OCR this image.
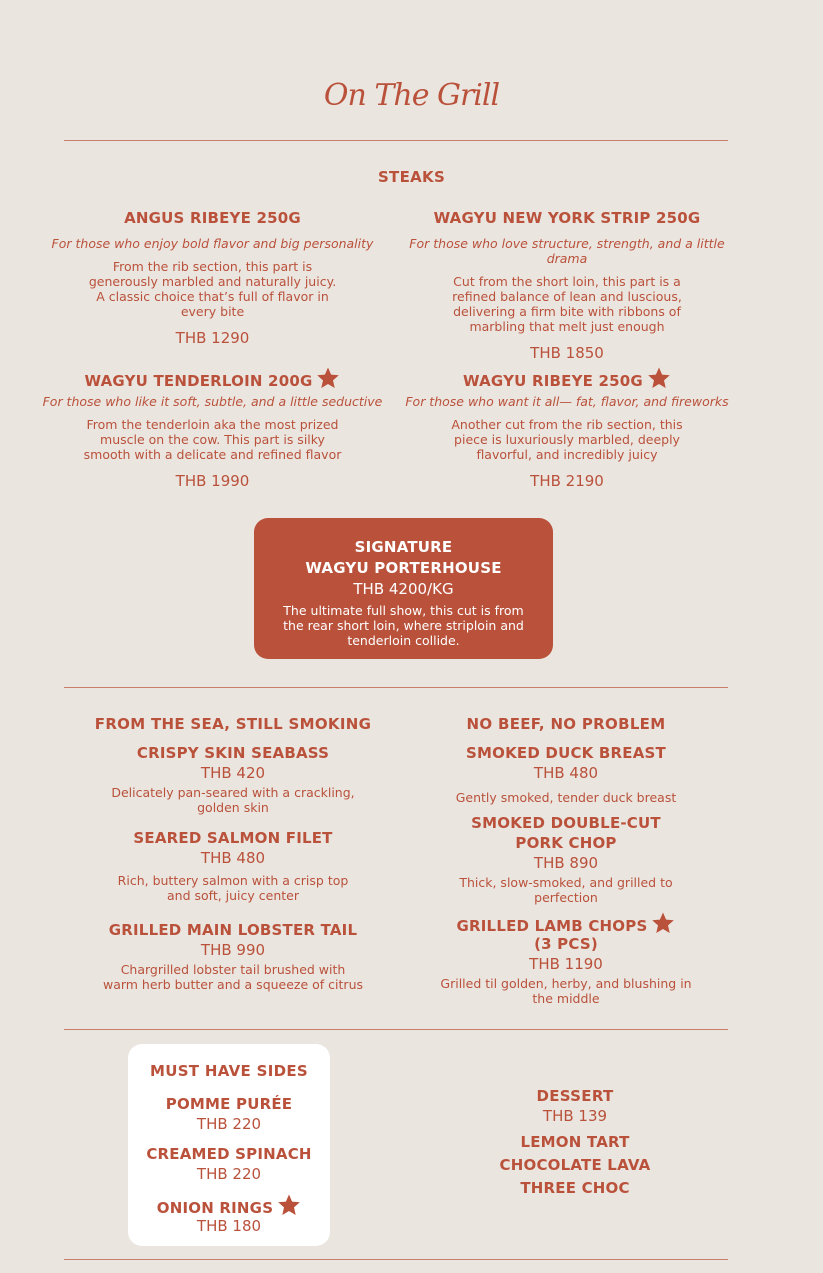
On The Grill
STEAKS
ANGUS RIBEYE 250G
For those who enjoy bold flavor and big personality
From the rib section, this part is
generously marbled and naturally juicy.
A classic choice that’s full of flavor in
every bite
THB 1290
WAGYU NEW YORK STRIP 250G
For those who love structure, strength, and a little drama
Cut from the short loin, this part is a
refined balance of lean and luscious,
delivering a firm bite with ribbons of
marbling that melt just enough
THB 1850
WAGYU TENDERLOIN 200G
For those who like it soft, subtle, and a little seductive
From the tenderloin aka the most prized
muscle on the cow. This part is silky
smooth with a delicate and refined flavor
THB 1990
WAGYU RIBEYE 250G
For those who want it all— fat, flavor, and fireworks
Another cut from the rib section, this
piece is luxuriously marbled, deeply
flavorful, and incredibly juicy
THB 2190
SIGNATURE
WAGYU PORTERHOUSE
THB 4200/KG
The ultimate full show, this cut is from
the rear short loin, where striploin and
tenderloin collide.
FROM THE SEA, STILL SMOKING
CRISPY SKIN SEABASS
THB 420
Delicately pan-seared with a crackling,
golden skin
SEARED SALMON FILET
THB 480
Rich, buttery salmon with a crisp top
and soft, juicy center
GRILLED MAIN LOBSTER TAIL
THB 990
Chargrilled lobster tail brushed with
warm herb butter and a squeeze of citrus
NO BEEF, NO PROBLEM
SMOKED DUCK BREAST
THB 480
Gently smoked, tender duck breast
SMOKED DOUBLE-CUT
PORK CHOP
THB 890
Thick, slow-smoked, and grilled to
perfection
GRILLED LAMB CHOPS
(3 PCS)
THB 1190
Grilled til golden, herby, and blushing in
the middle
MUST HAVE SIDES
POMME PURÉE
THB 220
CREAMED SPINACH
THB 220
ONION RINGS
THB 180
DESSERT
THB 139
LEMON TART
CHOCOLATE LAVA
THREE CHOC
